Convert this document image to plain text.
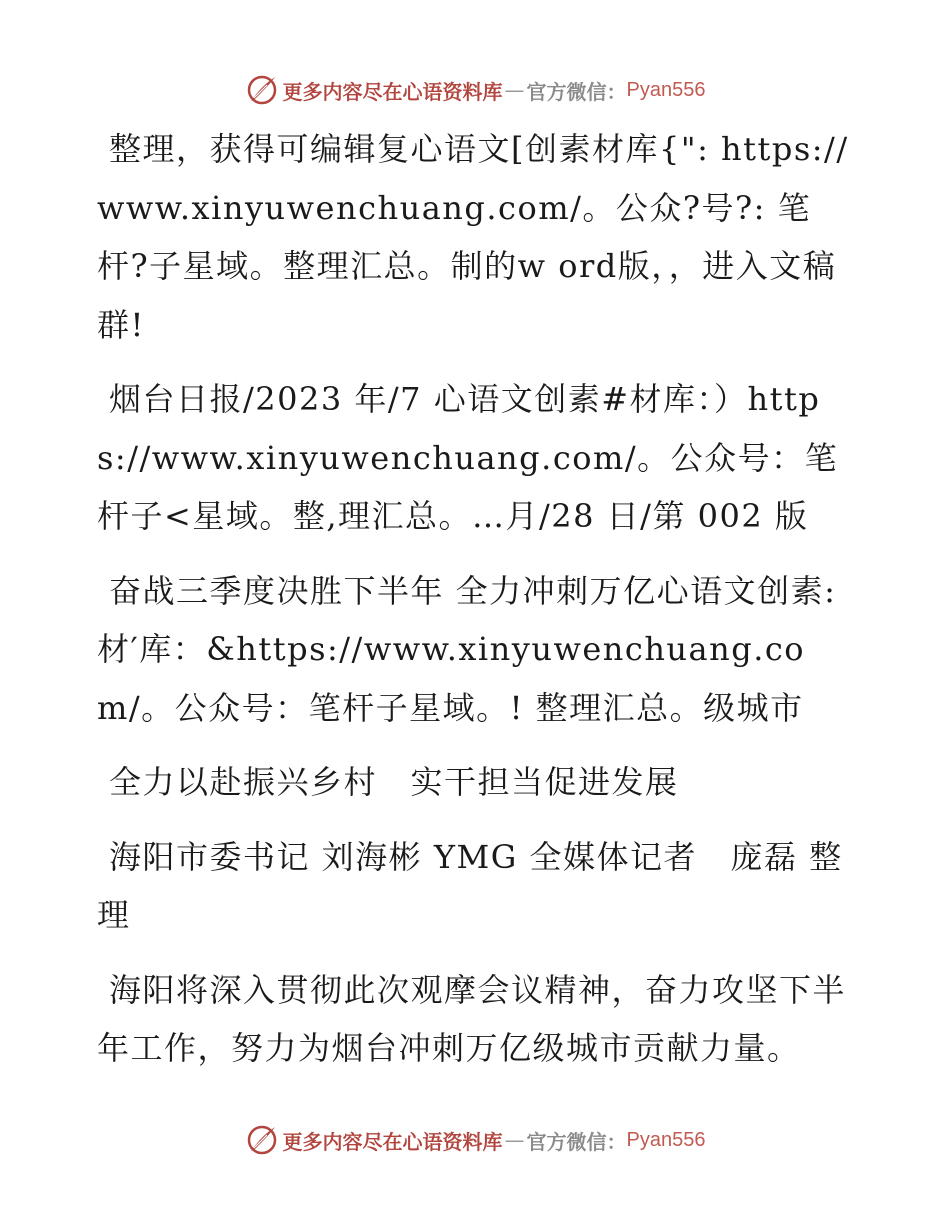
更多内容尽在心语资料库 — 官方微信： Pyan556

整理，获得可编辑复心语文[创素材库{": https://www.xinyuwenchuang.com/。公众?号?: 笔杆?子星域。整理汇总。制的w ord版，，进入文稿群!

烟台日报/2023 年/7 心语文创素#材库：）https://www.xinyuwenchuang.com/。公众号：笔杆子<星域。整,理汇总。…月/28 日/第 002 版

奋战三季度决胜下半年 全力冲刺万亿心语文创素:材′库：&https://www.xinyuwenchuang.com/。公众号：笔杆子星域。! 整理汇总。级城市

全力以赴振兴乡村　实干担当促进发展

海阳市委书记 刘海彬 YMG 全媒体记者　庞磊 整理

海阳将深入贯彻此次观摩会议精神，奋力攻坚下半年工作，努力为烟台冲刺万亿级城市贡献力量。

更多内容尽在心语资料库 — 官方微信： Pyan556
